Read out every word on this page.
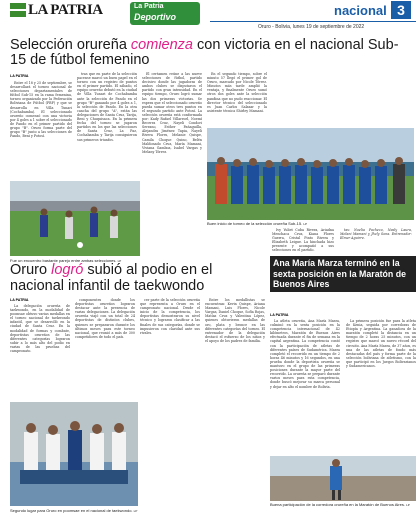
LA PATRIA	La Patria
Deportivo	nacional 3
Oruro - Bolivia, lunes 19 de septiembre de 2022
Selección orureña comienza con victoria en el nacional Sub-15 de fútbol femenino
LA PATRIA

Entre el 18 y 25 de septiembre, se desarrollará el torneo nacional de selecciones departamentales de fútbol Sub-15 en la rama femenina, torneo organizado por la Federación Boliviana de Fútbol (FBF) y que se desarrolla en Villa Tunari (Cochabamba). El seleccionado orureño comenzó con una victoria por 4 goles a 1 sobre el seleccionado de Pando en el primer partido del grupo "B". Oruro forma parte del grupo "B" junto a las selecciones de Pando, Beni y Potosí.

tras que en parte de la selección pacense marcó un buen papel en el torneo con un registro de puntos en el primer partido. El sábado, el equipo orureño debutó en la ciudad de Villa Tunari de Cochabamba ante la selección de Pando en el grupo "B" ganando por 4 goles a 1, la selección de Pando. En la otra cancha del grupo "A", están las delegaciones de Santa Cruz, Tarija, Beni y Chuquisaca. En la primera fecha del torneo se jugaron partidos en los que las selecciones de Santa Cruz, La Paz, Cochabamba y Tarija consiguieron sus primeros triunfos.

El certamen reúne a las nueve selecciones de fútbol, partido decisivo donde las jugadoras de ambos clubes se disputaron el partido con gran intensidad. En el equipo tiempo, Oruro logró sumar las dos primeras victorias. Se espera que el seleccionado orureño pueda sumar otros tres puntos en el segundo partido ante Potosí. La selección orureña está conformada por: Kady Rafael Villarroel, Noemí Becerra Cruz, Nayeli Condori Serrano, Esther Pañaguilla, Alejandra Jiménez Tapia, Nayeli Rivera Flores, Melanie Quispe, Camila Choque Quino, Belén Maldonado Cruz, María Mamani, Viviana Gamboa, Isabel Vargas y Melany Tórrez.

En el segundo tiempo, sobre el minuto 57 llegó el primer gol de Oruro, marcado por Nicole Tórrez. Minutos más tarde amplió la ventaja, y finalmente Oruro sumó otros dos goles ante la selección pandina que no pudo reaccionar. El director técnico del seleccionado es Juan Carlos Salazar y la asistente técnica Shirley Mamani.

Fue un encuentro bastante parejo entre ambas selecciones. LP
Buen inicio de torneo de la selección orureña Sub-15. LP

Ivy Yuliet Cuba Rivera, Ariadna Menchaca Cruz, Kiana Flores Guerra, Cristal Pinto Rivera y Elizabeth Leigue. La hinchada hizo presente y acompañó a sus selecciones en el partido.

tas: Noelia Pacheco, Nasly Laura, Melani Mamani y Jhely Sona. Entrenador: Elmer Aguirre.

Ana María Marza terminó en la sexta posición en la Maratón de Buenos Aires
LA PATRIA

La atleta orureña, Ana María Marza, culminó en la sexta posición en la competencia internacional de 42 kilómetros, Maratón de Buenos Aires efectuada durante el fin de semana en la capital argentina. La competencia contó con la participación de atletas de diferentes países de Sudamérica. Marza completó el recorrido en un tiempo de 2 horas 46 minutos y 16 segundos, en una prueba donde la deportista orureña se mantuvo en el grupo de las primeras posiciones durante la mayor parte del recorrido. La orureña se preparó durante varios meses para esta competencia, donde buscó mejorar su marca personal y dejar en alto el nombre de Bolivia.

La primera posición fue para la atleta de Kenia, seguida por corredoras de Etiopía y Argentina. La ganadora de la maratón completó la distancia en un tiempo de 2 horas 25 minutos, con un registro que marcó un nuevo récord del circuito. Ana María Marza, de 37 años, es una de las atletas de fondo más destacadas del país y forma parte de la selección boliviana de atletismo, con la que participó en los Juegos Bolivarianos y Sudamericanos.

Buena participación de la corredora orureña en la Maratón de Buenos Aires. LP
Oruro logró subió al podio en el nacional infantil de taekwondo
LA PATRIA

La delegación orureña de taekwondo, en la modalidad de poomsae obtuvo varias medallas en el torneo nacional de taekwondo infantil, que se desarrolló en la ciudad de Santa Cruz. En la modalidad de formas y combate, deportistas orureños de las diferentes categorías lograron subir a lo más alto del podio en varias de las pruebas del campeonato.

componentes donde los deportistas orureños lograron destacar ante la presencia de varias delegaciones. La delegación orureña viajó con un total de 24 deportistas de distintos clubes, quienes se prepararon durante los últimos meses para este torneo nacional, que reunió a más de 300 competidores de todo el país.

cer parte de la selección orureña que representa a Oruro en el campeonato nacional. Desde el inicio de la competencia, los deportistas demostraron su nivel técnico y lograron clasificar a las finales de sus categorías, donde se impusieron con claridad ante sus rivales.

Entre los medallistas se encuentran: Kevin Quispe, Ariana Mamani, Luis Flores, Nicole Vargas, Daniel Choque, Sofía Rojas, Matías Cruz y Valentina López, quienes obtuvieron medallas de oro, plata y bronce en las diferentes categorías del torneo. El entrenador de la delegación destacó el esfuerzo de los niños y el apoyo de los padres de familia.

Segundo lugar para Oruro en poomsae en el nacional de taekwondo. LP
